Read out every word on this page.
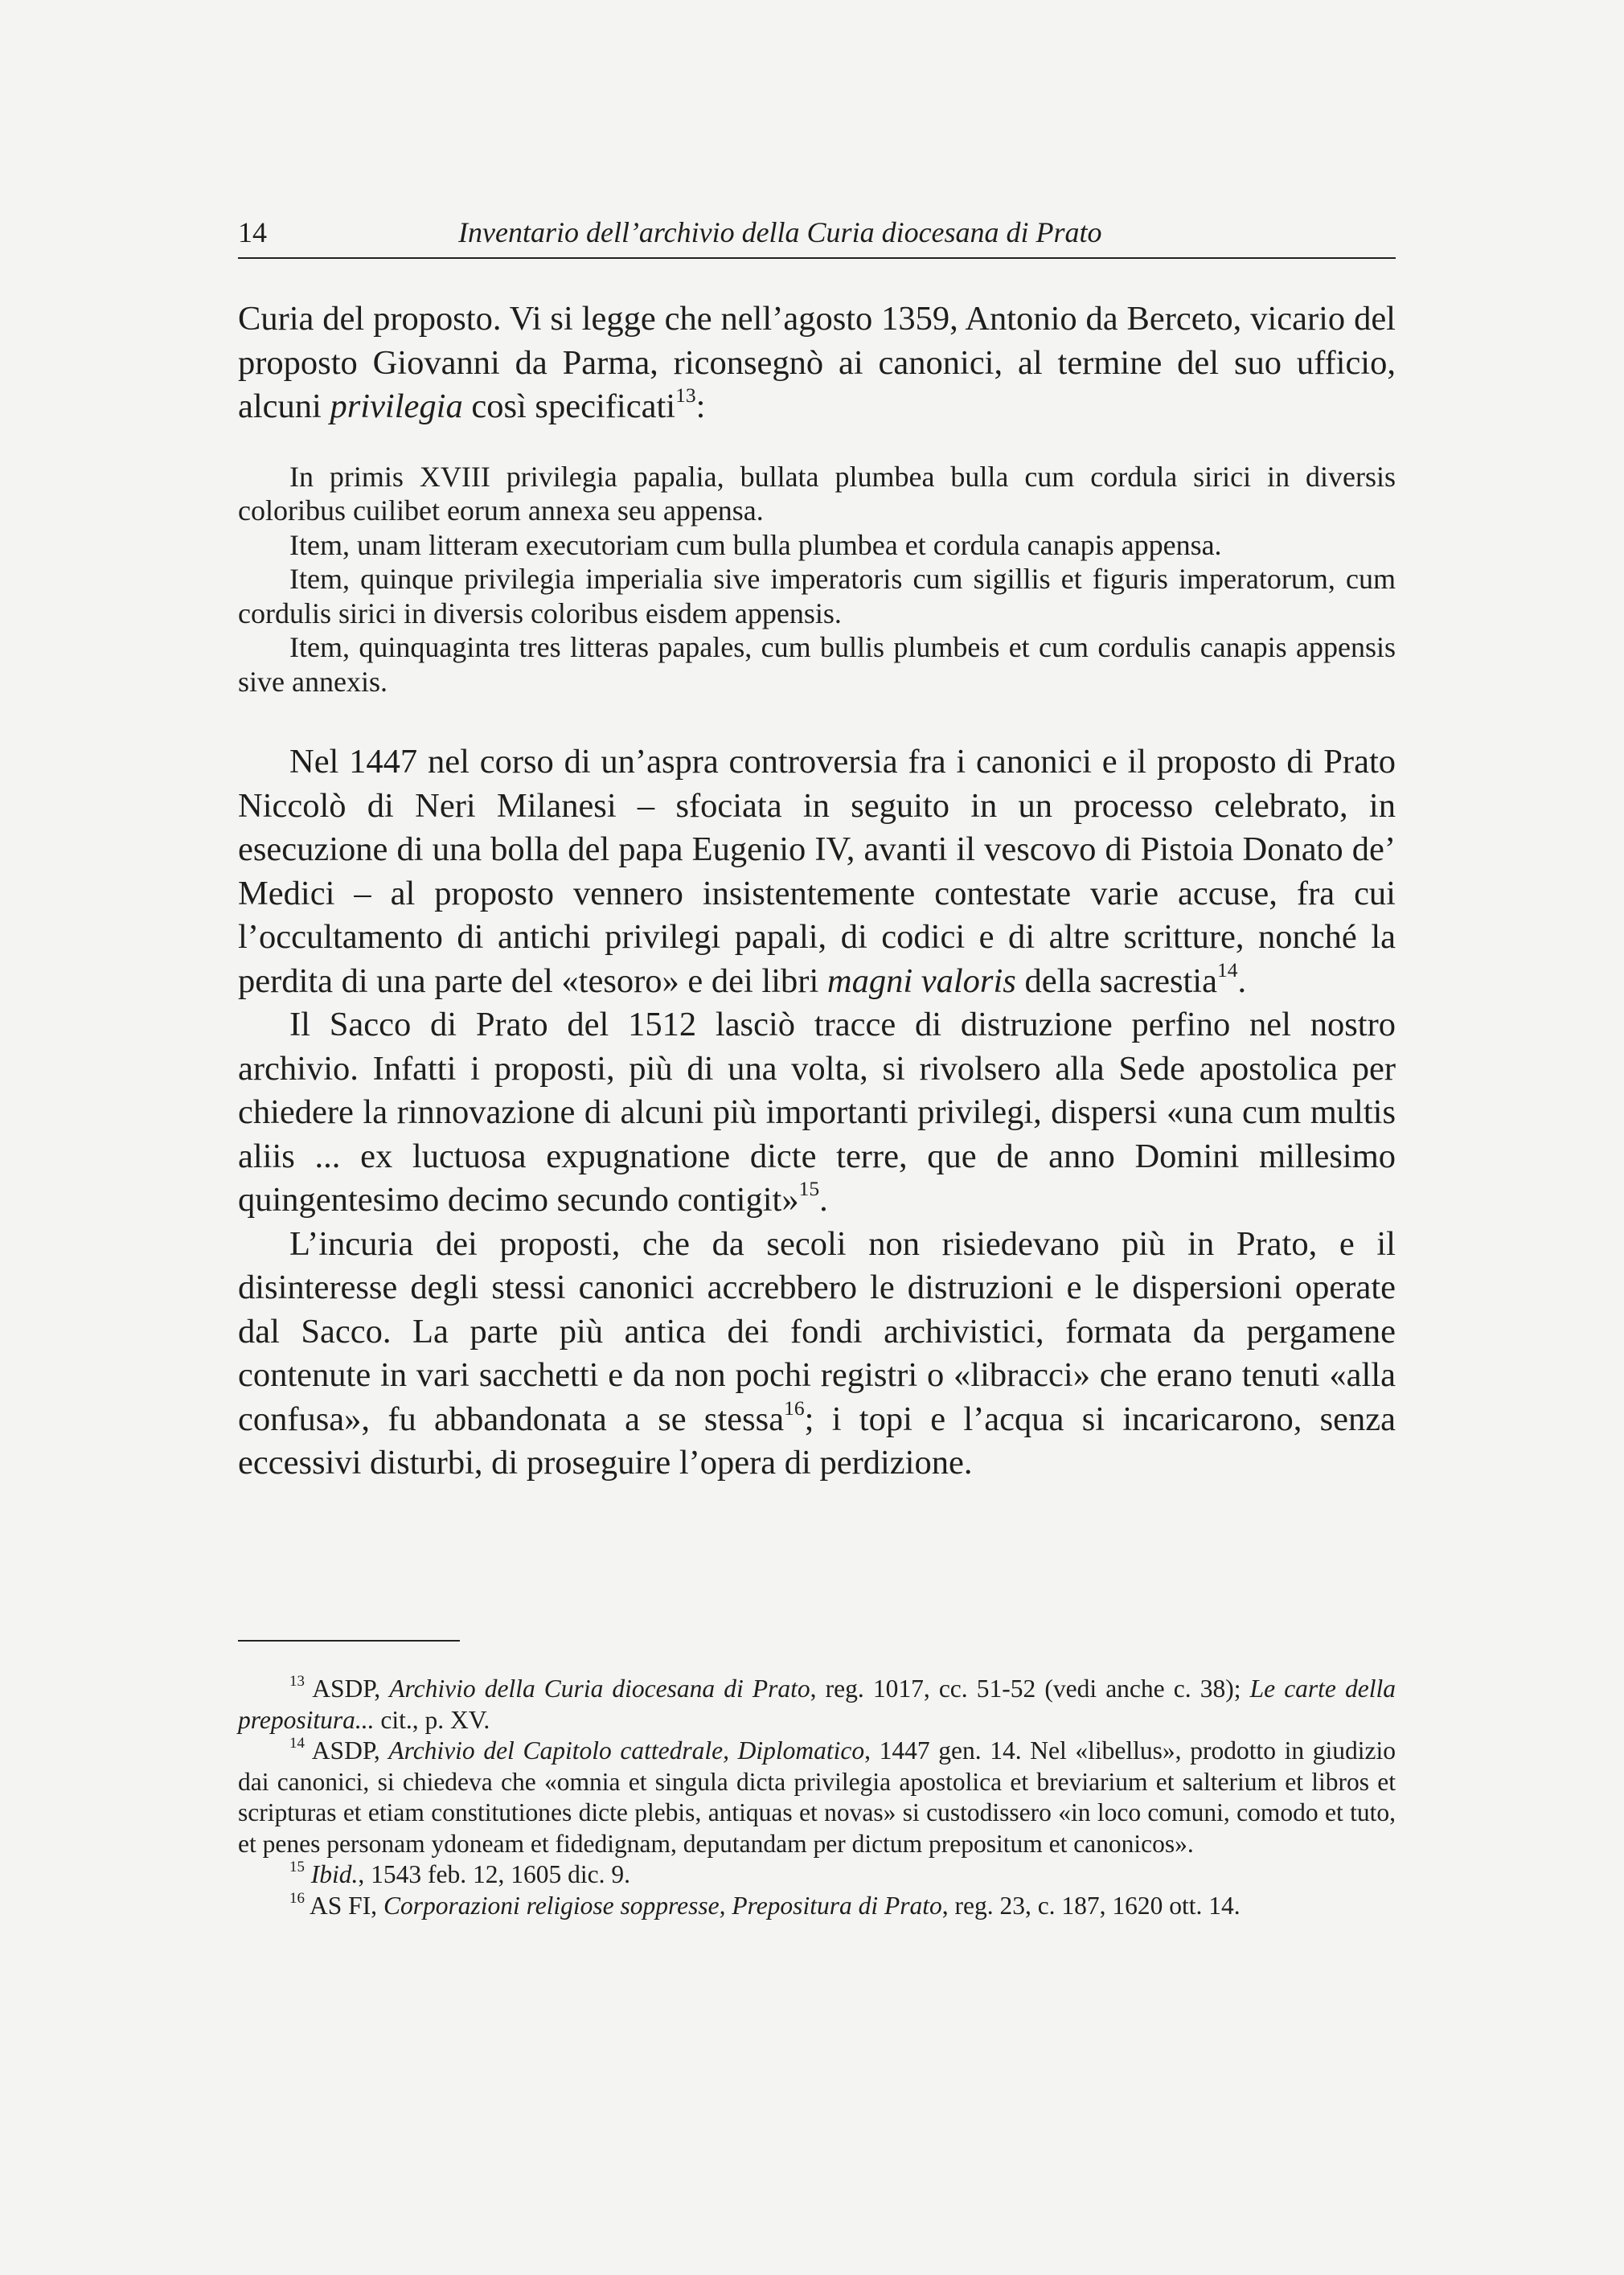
14	Inventario dell’archivio della Curia diocesana di Prato

Curia del proposto. Vi si legge che nell’agosto 1359, Antonio da Berceto, vicario del proposto Giovanni da Parma, riconsegnò ai canonici, al termine del suo ufficio, alcuni privilegia così specificati$^{13}$:

In primis XVIII privilegia papalia, bullata plumbea bulla cum cordula sirici in diversis coloribus cuilibet eorum annexa seu appensa.

Item, unam litteram executoriam cum bulla plumbea et cordula canapis appensa.

Item, quinque privilegia imperialia sive imperatoris cum sigillis et figuris imperatorum, cum cordulis sirici in diversis coloribus eisdem appensis.

Item, quinquaginta tres litteras papales, cum bullis plumbeis et cum cordulis canapis appensis sive annexis.

Nel 1447 nel corso di un’aspra controversia fra i canonici e il proposto di Prato Niccolò di Neri Milanesi – sfociata in seguito in un processo celebrato, in esecuzione di una bolla del papa Eugenio IV, avanti il vescovo di Pistoia Donato de’ Medici – al proposto vennero insistentemente contestate varie accuse, fra cui l’occultamento di antichi privilegi papali, di codici e di altre scritture, nonché la perdita di una parte del «tesoro» e dei libri magni valoris della sacrestia$^{14}$.

Il Sacco di Prato del 1512 lasciò tracce di distruzione perfino nel nostro archivio. Infatti i proposti, più di una volta, si rivolsero alla Sede apostolica per chiedere la rinnovazione di alcuni più importanti privilegi, dispersi «una cum multis aliis ... ex luctuosa expugnatione dicte terre, que de anno Domini millesimo quingentesimo decimo secundo contigit»$^{15}$.

L’incuria dei proposti, che da secoli non risiedevano più in Prato, e il disinteresse degli stessi canonici accrebbero le distruzioni e le dispersioni operate dal Sacco. La parte più antica dei fondi archivistici, formata da pergamene contenute in vari sacchetti e da non pochi registri o «libracci» che erano tenuti «alla confusa», fu abbandonata a se stessa$^{16}$; i topi e l’acqua si incaricarono, senza eccessivi disturbi, di proseguire l’opera di perdizione.

$^{13}$ ASDP, Archivio della Curia diocesana di Prato, reg. 1017, cc. 51-52 (vedi anche c. 38); Le carte della prepositura... cit., p. XV.

$^{14}$ ASDP, Archivio del Capitolo cattedrale, Diplomatico, 1447 gen. 14. Nel «libellus», prodotto in giudizio dai canonici, si chiedeva che «omnia et singula dicta privilegia apostolica et breviarium et salterium et libros et scripturas et etiam constitutiones dicte plebis, antiquas et novas» si custodissero «in loco comuni, comodo et tuto, et penes personam ydoneam et fidedignam, deputandam per dictum prepositum et canonicos».

$^{15}$ Ibid., 1543 feb. 12, 1605 dic. 9.

$^{16}$ AS FI, Corporazioni religiose soppresse, Prepositura di Prato, reg. 23, c. 187, 1620 ott. 14.
